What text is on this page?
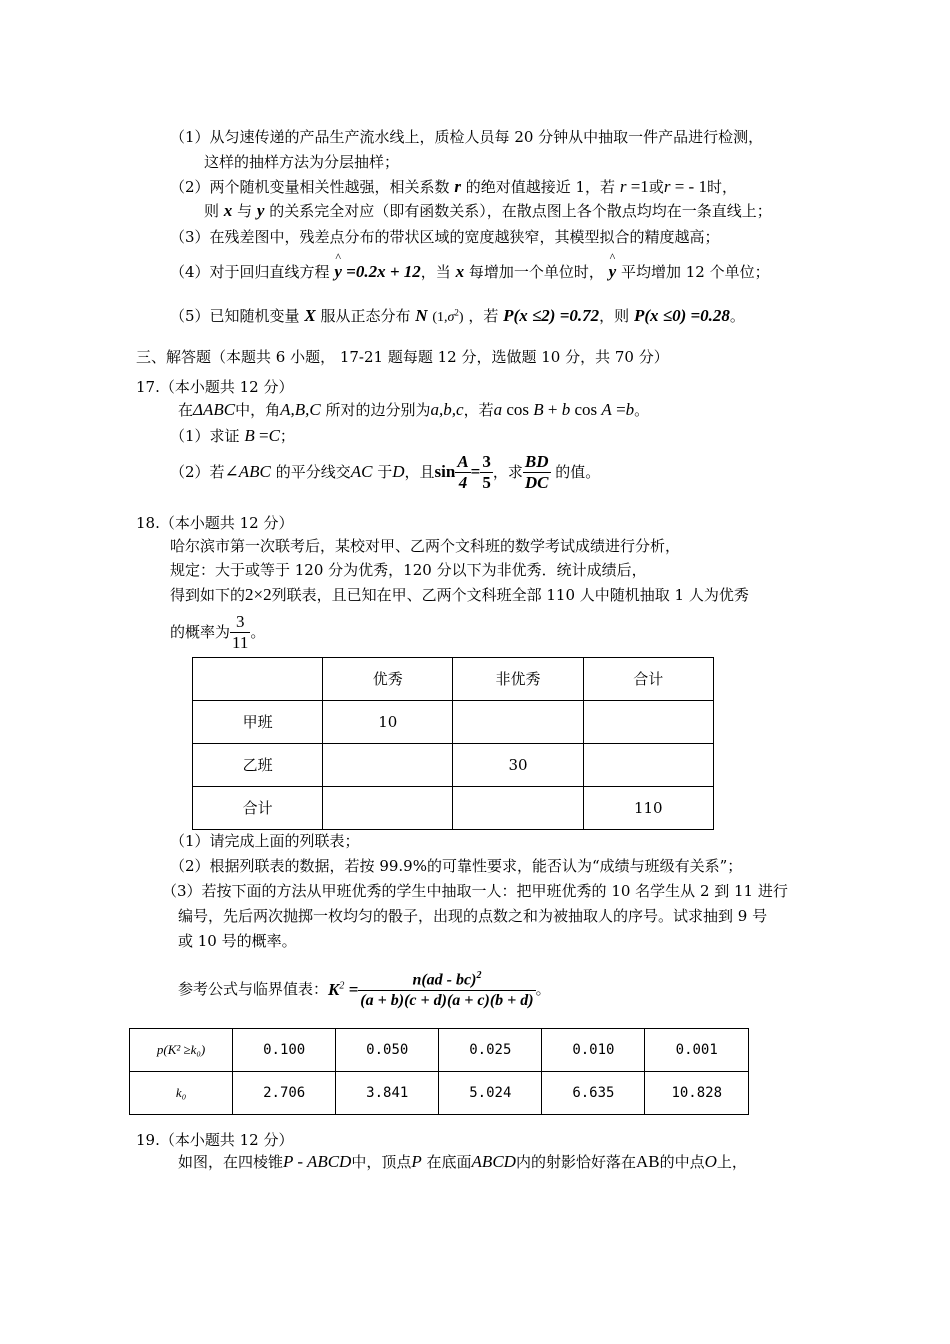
（1）从匀速传递的产品生产流水线上，质检人员每 20 分钟从中抽取一件产品进行检测，
这样的抽样方法为分层抽样；
（2）两个随机变量相关性越强，相关系数 r 的绝对值越接近 1，若 r =1或r = - 1时，
则 x 与 y 的关系完全对应（即有函数关系），在散点图上各个散点均均在一条直线上；
（3）在残差图中，残差点分布的带状区域的宽度越狭窄，其模型拟合的精度越高；
（4）对于回归直线方程 ^ y =0.2x + 12，当 x 每增加一个单位时， ^ y 平均增加 12 个单位；
（5）已知随机变量 X 服从正态分布 N $(1,\sigma^2)$ ，若 P(x ≤2) =0.72，则 P(x ≤0) =0.28。
三、解答题（本题共 6 小题， 17-21 题每题 12 分，选做题 10 分，共 70 分）
17.（本小题共 12 分）
在ΔABC中，角A,B,C 所对的边分别为a,b,c，若a cos B + b cos A =b。
（1）求证 B =C；
（2）若∠ABC 的平分线交AC 于D，且$\sin \frac{A}{4} = \frac{3}{5}$ ，求 $\frac{BD}{DC}$ 的值。
18.（本小题共 12 分）
哈尔滨市第一次联考后，某校对甲、乙两个文科班的数学考试成绩进行分析，
规定：大于或等于 120 分为优秀，120 分以下为非优秀．统计成绩后，
得到如下的2×2列联表，且已知在甲、乙两个文科班全部 110 人中随机抽取 1 人为优秀
的概率为 $\frac{3}{11}$ 。
	优秀	非优秀	合计
甲班	10		
乙班		30	
合计			110
（1）请完成上面的列联表；
（2）根据列联表的数据，若按 99.9%的可靠性要求，能否认为“成绩与班级有关系”；
（3）若按下面的方法从甲班优秀的学生中抽取一人：把甲班优秀的 10 名学生从 2 到 11 进行
编号，先后两次抛掷一枚均匀的骰子，出现的点数之和为被抽取人的序号。试求抽到 9 号
或 10 号的概率。
参考公式与临界值表：$K^2 = \frac{n(ad - bc)^2}{(a + b)(c + d)(a + c)(b + d)}$ 。
p(K² ≥k₀)	0.100	0.050	0.025	0.010	0.001
k₀	2.706	3.841	5.024	6.635	10.828
19.（本小题共 12 分）
如图，在四棱锥P - ABCD中，顶点P 在底面ABCD内的射影恰好落在AB的中点O上，
